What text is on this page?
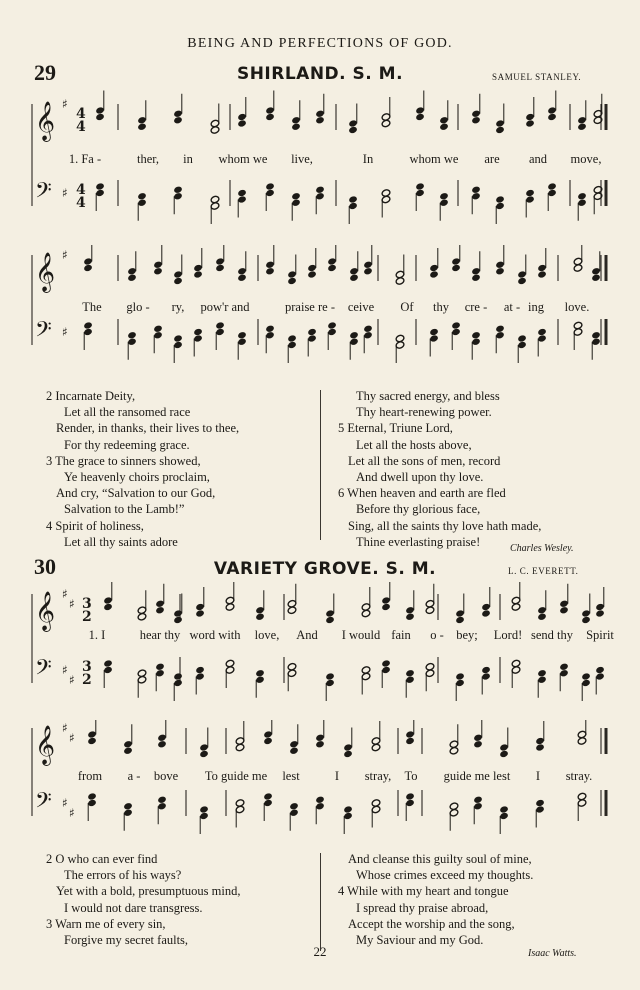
BEING AND PERFECTIONS OF GOD.
29	SHIRLAND. S. M.	SAMUEL STANLEY.
𝄞
𝄢
♯
♯
4
4
4
4
1. Fa -	ther, in whom we live,	In	whom we are and move,
𝄞
𝄢
♯
♯
The glo - ry, pow'r and	praise re - ceive Of thy cre - at - ing love.
2 Incarnate Deity,
Let all the ransomed race
Render, in thanks, their lives to thee,
For thy redeeming grace.
3 The grace to sinners showed,
Ye heavenly choirs proclaim,
And cry, “Salvation to our God,
Salvation to the Lamb!”
4 Spirit of holiness,
Let all thy saints adore
Thy sacred energy, and bless
Thy heart-renewing power.
5 Eternal, Triune Lord,
Let all the hosts above,
Let all the sons of men, record
And dwell upon thy love.
6 When heaven and earth are fled
Before thy glorious face,
Sing, all the saints thy love hath made,
Thine everlasting praise!	Charles Wesley.
30	VARIETY GROVE. S. M.	L. C. EVERETT.
𝄞
𝄢
♯
♯
♯
♯
3
2
3
2
1. I	hear thy word with love, And I would fain o - bey; Lord! send thy Spirit
𝄞
𝄢
♯
♯
♯
♯
from a - bove To guide me lest	I stray, To guide me lest I stray.
2 O who can ever find
The errors of his ways?
Yet with a bold, presumptuous mind,
I would not dare transgress.
3 Warn me of every sin,
Forgive my secret faults,
And cleanse this guilty soul of mine,
Whose crimes exceed my thoughts.
4 While with my heart and tongue
I spread thy praise abroad,
Accept the worship and the song,
My Saviour and my God.
Isaac Watts.
22
